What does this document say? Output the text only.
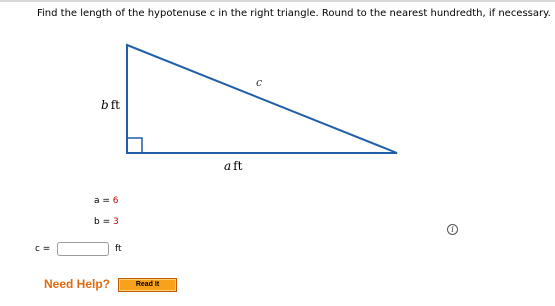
Find the length of the hypotenuse c in the right triangle. Round to the nearest hundredth, if necessary.
c
b ft
a ft
a = 6
b = 3
c =	ft
i
Need Help?	Read It
